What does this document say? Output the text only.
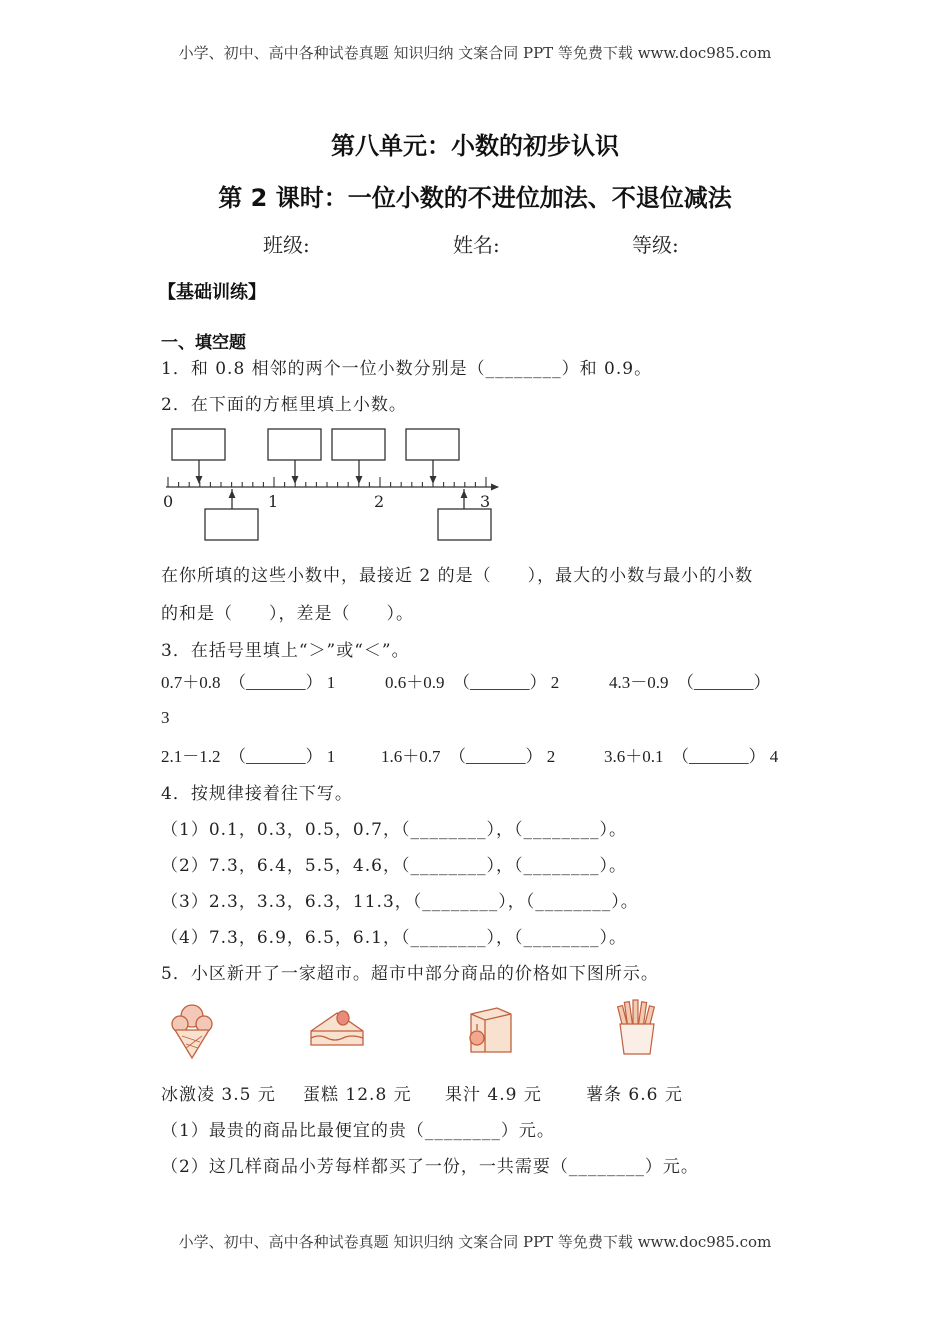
小学、初中、高中各种试卷真题 知识归纳 文案合同 PPT 等免费下载 www.doc985.com
第八单元：小数的初步认识
第 2 课时：一位小数的不进位加法、不退位减法
班级:	姓名:	等级:
【基础训练】
一、填空题
1．和 0.8 相邻的两个一位小数分别是（________）和 0.9。
2．在下面的方框里填上小数。
0	1	2	3
在你所填的这些小数中，最接近 2 的是（　　），最大的小数与最小的小数
的和是（　　），差是（　　）。
3．在括号里填上“＞”或“＜”。
0.7＋0.8 （_______） 1	0.6＋0.9 （_______） 2	4.3－0.9 （_______）
3
2.1－1.2 （_______） 1	1.6＋0.7 （_______） 2	3.6＋0.1 （_______） 4
4．按规律接着往下写。
（1）0.1，0.3，0.5，0.7，（________），（________）。
（2）7.3，6.4，5.5，4.6，（________），（________）。
（3）2.3，3.3，6.3，11.3，（________），（________）。
（4）7.3，6.9，6.5，6.1，（________），（________）。
5．小区新开了一家超市。超市中部分商品的价格如下图所示。
冰激凌 3.5 元 蛋糕 12.8 元 果汁 4.9 元	薯条 6.6 元
（1）最贵的商品比最便宜的贵（________）元。
（2）这几样商品小芳每样都买了一份，一共需要（________）元。
小学、初中、高中各种试卷真题 知识归纳 文案合同 PPT 等免费下载 www.doc985.com
